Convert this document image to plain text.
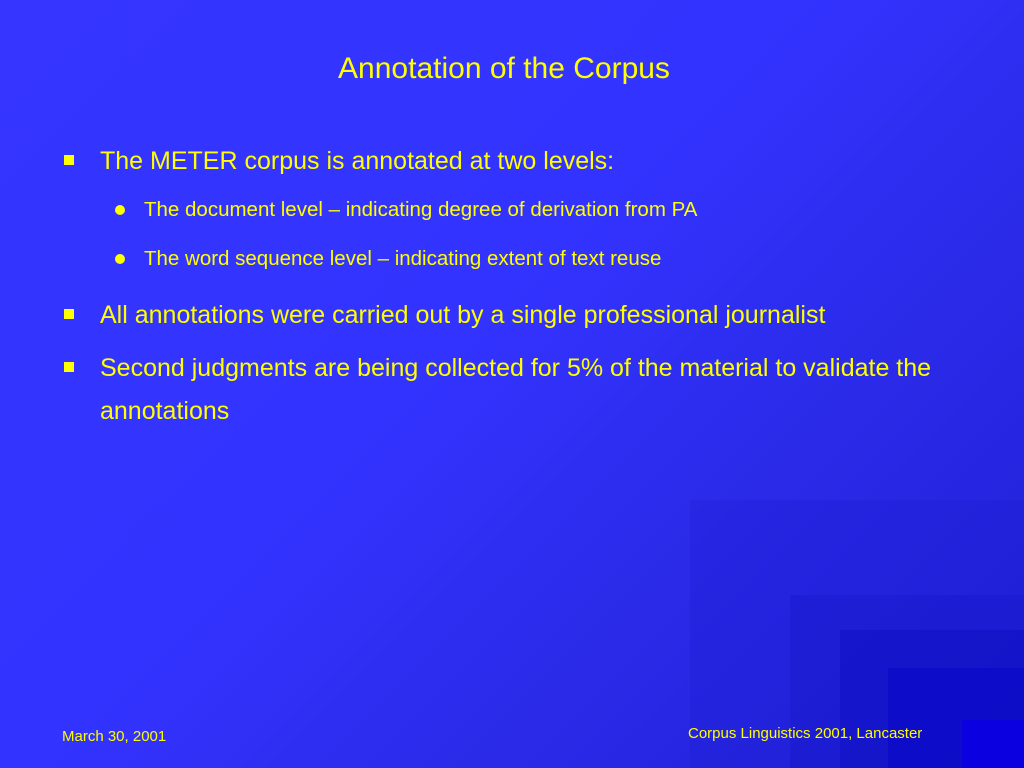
Annotation of the Corpus
The METER corpus is annotated at two levels:
The document level – indicating degree of derivation from PA
The word sequence level – indicating extent of text reuse
All annotations were carried out by a single professional journalist
Second judgments are being collected for 5% of the material to validate the annotations
March 30, 2001	Corpus Linguistics 2001, Lancaster
